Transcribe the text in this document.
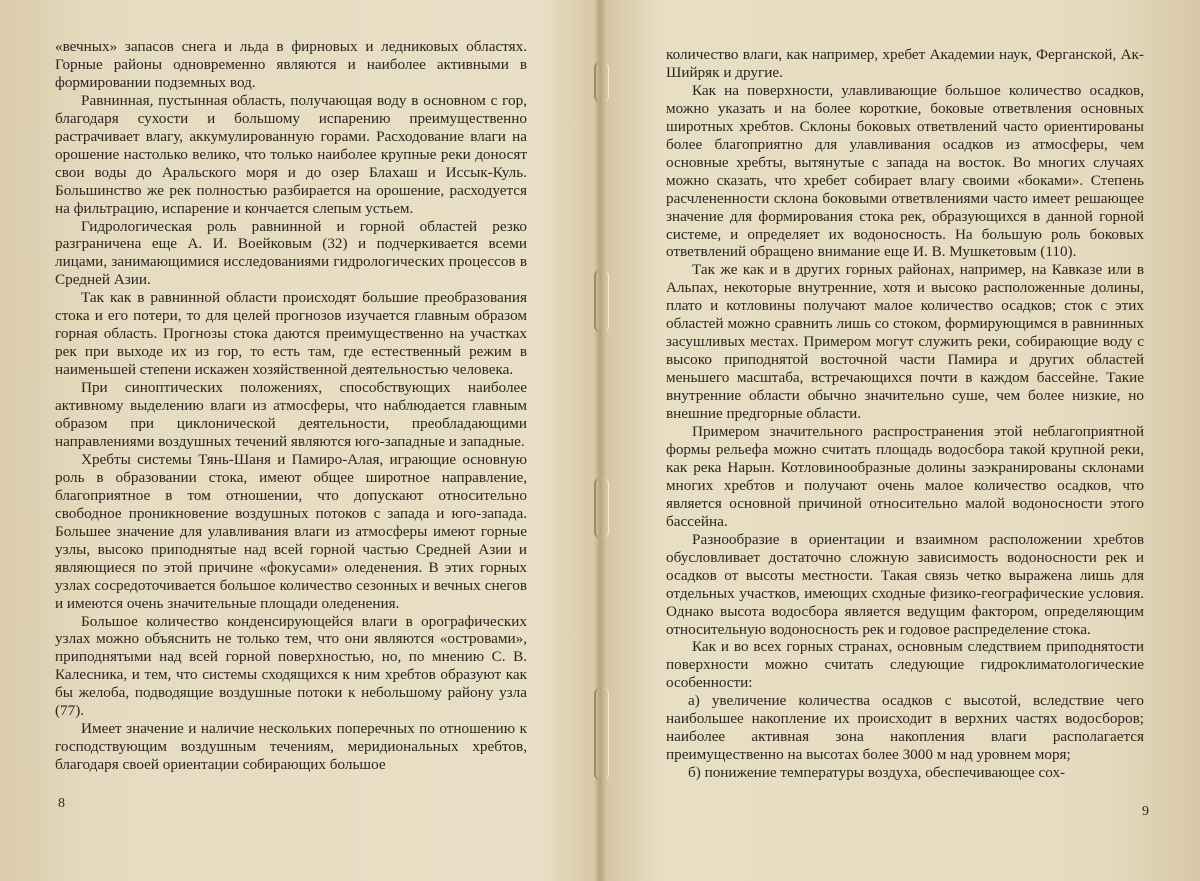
«вечных» запасов снега и льда в фирновых и ледниковых областях. Горные районы одновременно являются и наиболее активными в формировании подземных вод.

Равнинная, пустынная область, получающая воду в основном с гор, благодаря сухости и большому испарению преимущественно растрачивает влагу, аккумулированную горами. Расходование влаги на орошение настолько велико, что только наиболее крупные реки доносят свои воды до Аральского моря и до озер Блахаш и Иссык-Куль. Большинство же рек полностью разбирается на орошение, расходуется на фильтрацию, испарение и кончается слепым устьем.

Гидрологическая роль равнинной и горной областей резко разграничена еще А. И. Воейковым (32) и подчеркивается всеми лицами, занимающимися исследованиями гидрологических процессов в Средней Азии.

Так как в равнинной области происходят большие преобразования стока и его потери, то для целей прогнозов изучается главным образом горная область. Прогнозы стока даются преимущественно на участках рек при выходе их из гор, то есть там, где естественный режим в наименьшей степени искажен хозяйственной деятельностью человека.

При синоптических положениях, способствующих наиболее активному выделению влаги из атмосферы, что наблюдается главным образом при циклонической деятельности, преобладающими направлениями воздушных течений являются юго-западные и западные.

Хребты системы Тянь-Шаня и Памиро-Алая, играющие основную роль в образовании стока, имеют общее широтное направление, благоприятное в том отношении, что допускают относительно свободное проникновение воздушных потоков с запада и юго-запада. Большее значение для улавливания влаги из атмосферы имеют горные узлы, высоко приподнятые над всей горной частью Средней Азии и являющиеся по этой причине «фокусами» оледенения. В этих горных узлах сосредоточивается большое количество сезонных и вечных снегов и имеются очень значительные площади оледенения.

Большое количество конденсирующейся влаги в орографических узлах можно объяснить не только тем, что они являются «островами», приподнятыми над всей горной поверхностью, но, по мнению С. В. Калесника, и тем, что системы сходящихся к ним хребтов образуют как бы желоба, подводящие воздушные потоки к небольшому району узла (77).

Имеет значение и наличие нескольких поперечных по отношению к господствующим воздушным течениям, меридиональных хребтов, благодаря своей ориентации собирающих большое

8

количество влаги, как например, хребет Академии наук, Ферганской, Ак-Шийряк и другие.

Как на поверхности, улавливающие большое количество осадков, можно указать и на более короткие, боковые ответвления основных широтных хребтов. Склоны боковых ответвлений часто ориентированы более благоприятно для улавливания осадков из атмосферы, чем основные хребты, вытянутые с запада на восток. Во многих случаях можно сказать, что хребет собирает влагу своими «боками». Степень расчлененности склона боковыми ответвлениями часто имеет решающее значение для формирования стока рек, образующихся в данной горной системе, и определяет их водоносность. На большую роль боковых ответвлений обращено внимание еще И. В. Мушкетовым (110).

Так же как и в других горных районах, например, на Кавказе или в Альпах, некоторые внутренние, хотя и высоко расположенные долины, плато и котловины получают малое количество осадков; сток с этих областей можно сравнить лишь со стоком, формирующимся в равнинных засушливых местах. Примером могут служить реки, собирающие воду с высоко приподнятой восточной части Памира и других областей меньшего масштаба, встречающихся почти в каждом бассейне. Такие внутренние области обычно значительно суше, чем более низкие, но внешние предгорные области.

Примером значительного распространения этой неблагоприятной формы рельефа можно считать площадь водосбора такой крупной реки, как река Нарын. Котловинообразные долины заэкранированы склонами многих хребтов и получают очень малое количество осадков, что является основной причиной относительно малой водоносности этого бассейна.

Разнообразие в ориентации и взаимном расположении хребтов обусловливает достаточно сложную зависимость водоносности рек и осадков от высоты местности. Такая связь четко выражена лишь для отдельных участков, имеющих сходные физико-географические условия. Однако высота водосбора является ведущим фактором, определяющим относительную водоносность рек и годовое распределение стока.

Как и во всех горных странах, основным следствием приподнятости поверхности можно считать следующие гидроклиматологические особенности:

а) увеличение количества осадков с высотой, вследствие чего наибольшее накопление их происходит в верхних частях водосборов; наиболее активная зона накопления влаги располагается преимущественно на высотах более 3000 м над уровнем моря;

б) понижение температуры воздуха, обеспечивающее сох-

9
